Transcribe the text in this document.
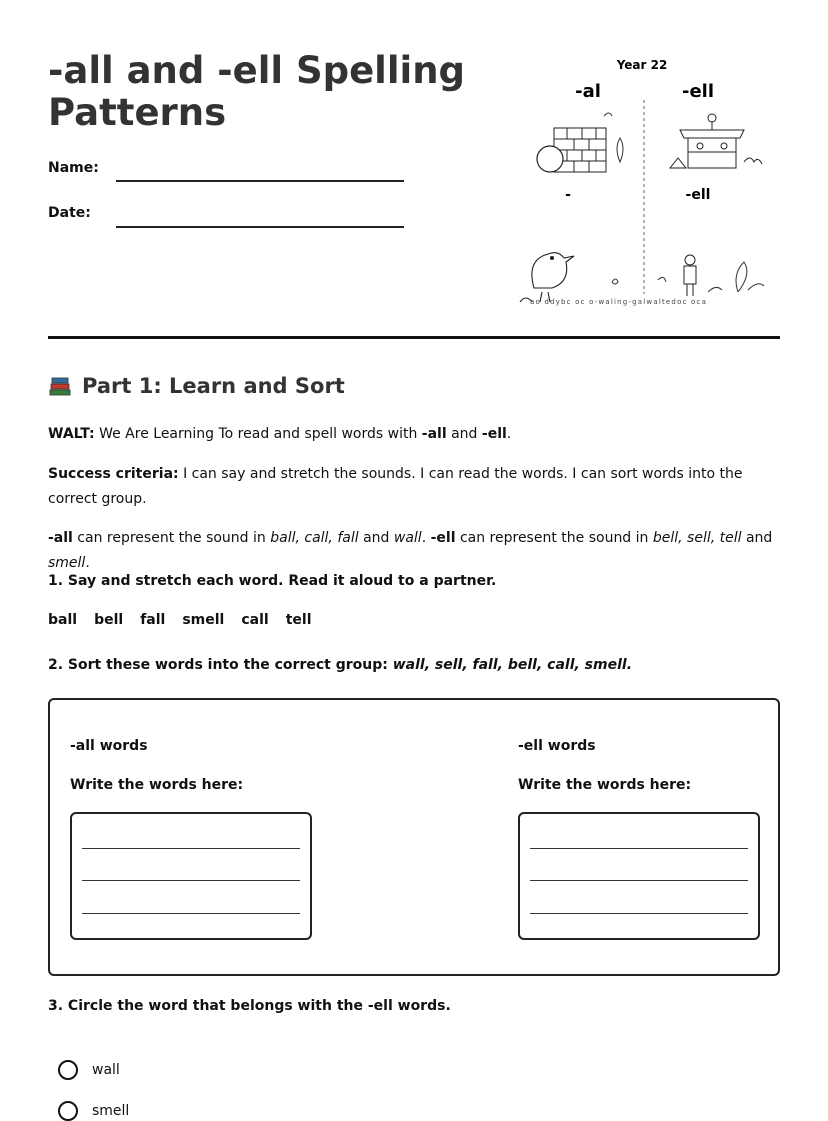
-all and -ell Spelling
Patterns
Name:
Date:
Year 22
-al	-ell
-	-ell
ao ddybc oc o-waling-galwaltedoc oca
Part 1: Learn and Sort

WALT: We Are Learning To read and spell words with -all and -ell.

Success criteria: I can say and stretch the sounds. I can read the words. I can sort words into the correct group.

-all can represent the sound in ball, call, fall and wall. -ell can represent the sound in bell, sell, tell and smell.

1. Say and stretch each word. Read it aloud to a partner.

ball bell fall smell call tell

2. Sort these words into the correct group: wall, sell, fall, bell, call, smell.

-all words
Write the words here:
-ell words
Write the words here:

3. Circle the word that belongs with the -ell words.

wall
smell
